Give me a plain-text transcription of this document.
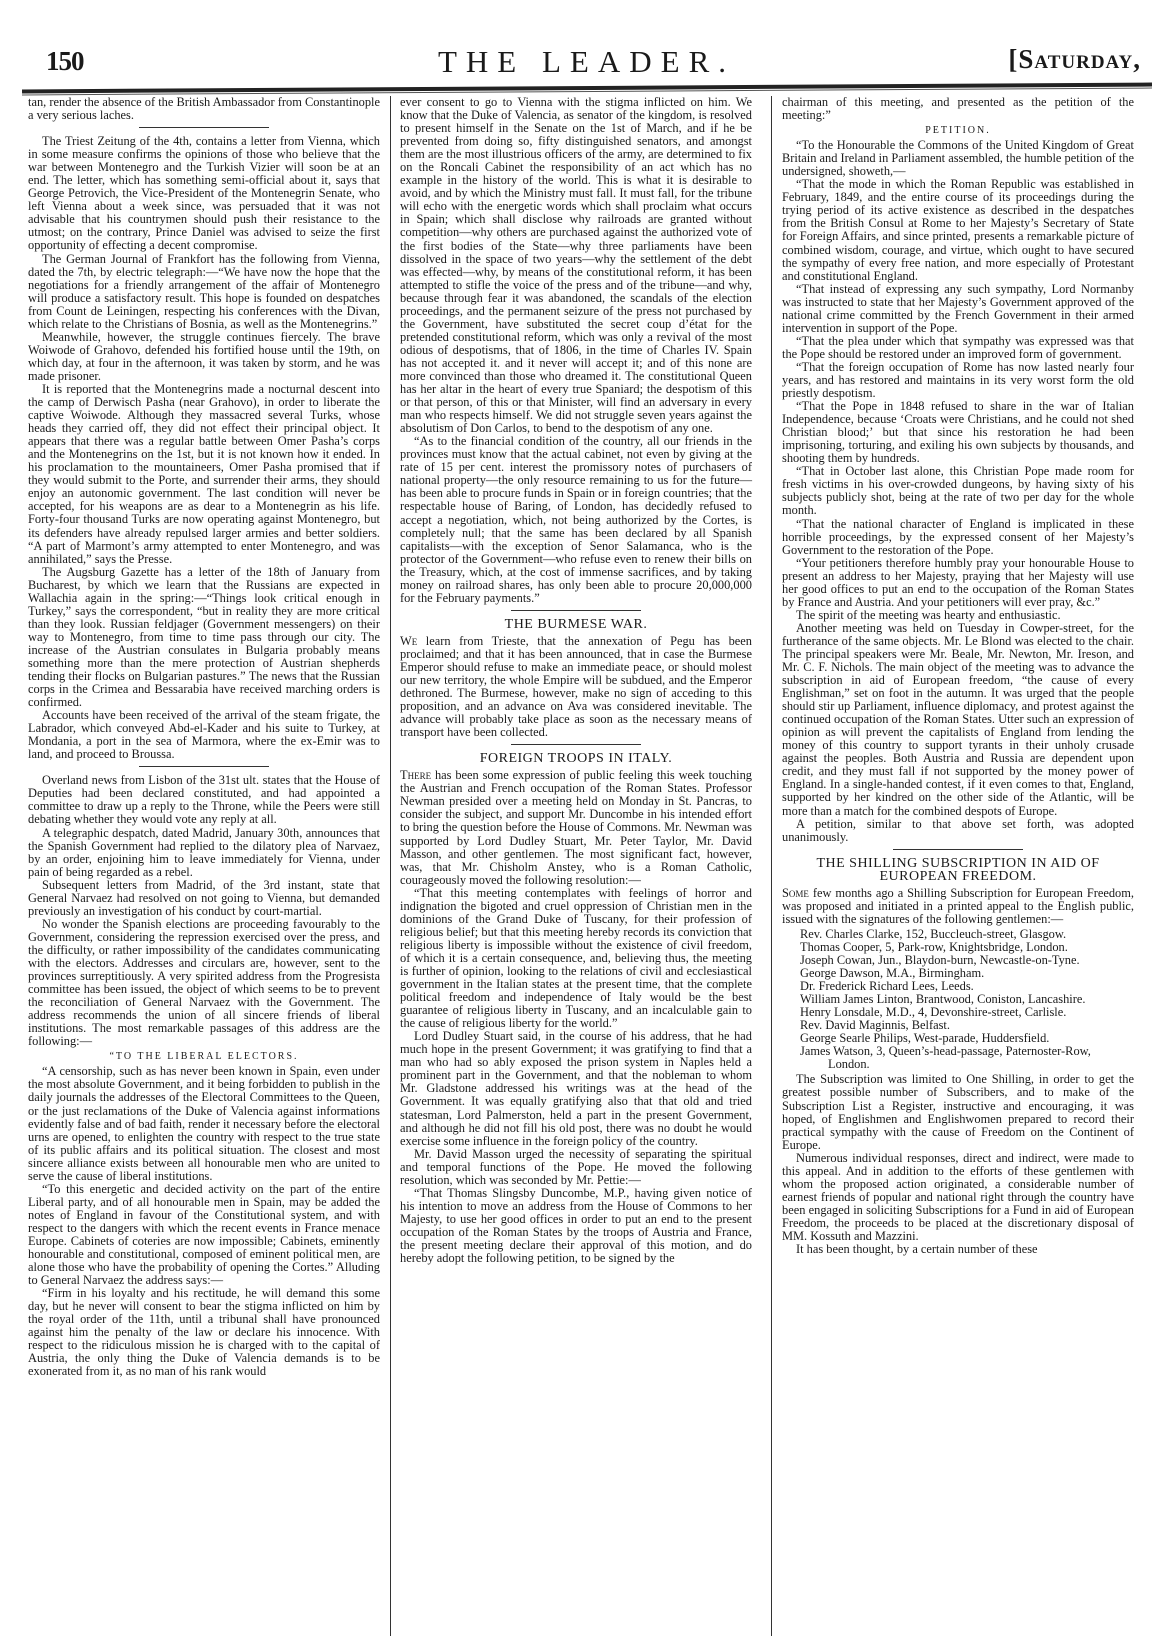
150	THE LEADER.	[Saturday,

tan, render the absence of the British Ambassador from Constantinople a very serious laches.

The Triest Zeitung of the 4th, contains a letter from Vienna, which in some measure confirms the opinions of those who believe that the war between Montenegro and the Turkish Vizier will soon be at an end. The letter, which has something semi-official about it, says that George Petrovich, the Vice-President of the Montenegrin Senate, who left Vienna about a week since, was persuaded that it was not advisable that his countrymen should push their resistance to the utmost; on the contrary, Prince Daniel was advised to seize the first opportunity of effecting a decent compromise.

The German Journal of Frankfort has the following from Vienna, dated the 7th, by electric telegraph:—“We have now the hope that the negotiations for a friendly arrangement of the affair of Montenegro will produce a satisfactory result. This hope is founded on despatches from Count de Leiningen, respecting his conferences with the Divan, which relate to the Christians of Bosnia, as well as the Montenegrins.”

Meanwhile, however, the struggle continues fiercely. The brave Woiwode of Grahovo, defended his fortified house until the 19th, on which day, at four in the afternoon, it was taken by storm, and he was made prisoner.

It is reported that the Montenegrins made a nocturnal descent into the camp of Derwisch Pasha (near Grahovo), in order to liberate the captive Woiwode. Although they massacred several Turks, whose heads they carried off, they did not effect their principal object. It appears that there was a regular battle between Omer Pasha’s corps and the Montenegrins on the 1st, but it is not known how it ended. In his proclamation to the mountaineers, Omer Pasha promised that if they would submit to the Porte, and surrender their arms, they should enjoy an autonomic government. The last condition will never be accepted, for his weapons are as dear to a Montenegrin as his life. Forty-four thousand Turks are now operating against Montenegro, but its defenders have already repulsed larger armies and better soldiers. “A part of Marmont’s army attempted to enter Montenegro, and was annihilated,” says the Presse.

The Augsburg Gazette has a letter of the 18th of January from Bucharest, by which we learn that the Russians are expected in Wallachia again in the spring:—“Things look critical enough in Turkey,” says the correspondent, “but in reality they are more critical than they look. Russian feldjager (Government messengers) on their way to Montenegro, from time to time pass through our city. The increase of the Austrian consulates in Bulgaria probably means something more than the mere protection of Austrian shepherds tending their flocks on Bulgarian pastures.” The news that the Russian corps in the Crimea and Bessarabia have received marching orders is confirmed.

Accounts have been received of the arrival of the steam frigate, the Labrador, which conveyed Abd-el-Kader and his suite to Turkey, at Mondania, a port in the sea of Marmora, where the ex-Emir was to land, and proceed to Broussa.

Overland news from Lisbon of the 31st ult. states that the House of Deputies had been declared constituted, and had appointed a committee to draw up a reply to the Throne, while the Peers were still debating whether they would vote any reply at all.

A telegraphic despatch, dated Madrid, January 30th, announces that the Spanish Government had replied to the dilatory plea of Narvaez, by an order, enjoining him to leave immediately for Vienna, under pain of being regarded as a rebel.

Subsequent letters from Madrid, of the 3rd instant, state that General Narvaez had resolved on not going to Vienna, but demanded previously an investigation of his conduct by court-martial.

No wonder the Spanish elections are proceeding favourably to the Government, considering the repression exercised over the press, and the difficulty, or rather impossibility of the candidates communicating with the electors. Addresses and circulars are, however, sent to the provinces surreptitiously. A very spirited address from the Progresista committee has been issued, the object of which seems to be to prevent the reconciliation of General Narvaez with the Government. The address recommends the union of all sincere friends of liberal institutions. The most remarkable passages of this address are the following:—

“TO THE LIBERAL ELECTORS.

“A censorship, such as has never been known in Spain, even under the most absolute Government, and it being forbidden to publish in the daily journals the addresses of the Electoral Committees to the Queen, or the just reclamations of the Duke of Valencia against informations evidently false and of bad faith, render it necessary before the electoral urns are opened, to enlighten the country with respect to the true state of its public affairs and its political situation. The closest and most sincere alliance exists between all honourable men who are united to serve the cause of liberal institutions.

“To this energetic and decided activity on the part of the entire Liberal party, and of all honourable men in Spain, may be added the notes of England in favour of the Constitutional system, and with respect to the dangers with which the recent events in France menace Europe. Cabinets of coteries are now impossible; Cabinets, eminently honourable and constitutional, composed of eminent political men, are alone those who have the probability of opening the Cortes.” Alluding to General Narvaez the address says:—

“Firm in his loyalty and his rectitude, he will demand this some day, but he never will consent to bear the stigma inflicted on him by the royal order of the 11th, until a tribunal shall have pronounced against him the penalty of the law or declare his innocence. With respect to the ridiculous mission he is charged with to the capital of Austria, the only thing the Duke of Valencia demands is to be exonerated from it, as no man of his rank would

ever consent to go to Vienna with the stigma inflicted on him. We know that the Duke of Valencia, as senator of the kingdom, is resolved to present himself in the Senate on the 1st of March, and if he be prevented from doing so, fifty distinguished senators, and amongst them are the most illustrious officers of the army, are determined to fix on the Roncali Cabinet the responsibility of an act which has no example in the history of the world. This is what it is desirable to avoid, and by which the Ministry must fall. It must fall, for the tribune will echo with the energetic words which shall proclaim what occurs in Spain; which shall disclose why railroads are granted without competition—why others are purchased against the authorized vote of the first bodies of the State—why three parliaments have been dissolved in the space of two years—why the settlement of the debt was effected—why, by means of the constitutional reform, it has been attempted to stifle the voice of the press and of the tribune—and why, because through fear it was abandoned, the scandals of the election proceedings, and the permanent seizure of the press not purchased by the Government, have substituted the secret coup d’état for the pretended constitutional reform, which was only a revival of the most odious of despotisms, that of 1806, in the time of Charles IV. Spain has not accepted it. and it never will accept it; and of this none are more convinced than those who dreamed it. The constitutional Queen has her altar in the heart of every true Spaniard; the despotism of this or that person, of this or that Minister, will find an adversary in every man who respects himself. We did not struggle seven years against the absolutism of Don Carlos, to bend to the despotism of any one.

“As to the financial condition of the country, all our friends in the provinces must know that the actual cabinet, not even by giving at the rate of 15 per cent. interest the promissory notes of purchasers of national property—the only resource remaining to us for the future—has been able to procure funds in Spain or in foreign countries; that the respectable house of Baring, of London, has decidedly refused to accept a negotiation, which, not being authorized by the Cortes, is completely null; that the same has been declared by all Spanish capitalists—with the exception of Senor Salamanca, who is the protector of the Government—who refuse even to renew their bills on the Treasury, which, at the cost of immense sacrifices, and by taking money on railroad shares, has only been able to procure 20,000,000 for the February payments.”

THE BURMESE WAR.

We learn from Trieste, that the annexation of Pegu has been proclaimed; and that it has been announced, that in case the Burmese Emperor should refuse to make an immediate peace, or should molest our new territory, the whole Empire will be subdued, and the Emperor dethroned. The Burmese, however, make no sign of acceding to this proposition, and an advance on Ava was considered inevitable. The advance will probably take place as soon as the necessary means of transport have been collected.

FOREIGN TROOPS IN ITALY.

There has been some expression of public feeling this week touching the Austrian and French occupation of the Roman States. Professor Newman presided over a meeting held on Monday in St. Pancras, to consider the subject, and support Mr. Duncombe in his intended effort to bring the question before the House of Commons. Mr. Newman was supported by Lord Dudley Stuart, Mr. Peter Taylor, Mr. David Masson, and other gentlemen. The most significant fact, however, was, that Mr. Chisholm Anstey, who is a Roman Catholic, courageously moved the following resolution:—

“That this meeting contemplates with feelings of horror and indignation the bigoted and cruel oppression of Christian men in the dominions of the Grand Duke of Tuscany, for their profession of religious belief; but that this meeting hereby records its conviction that religious liberty is impossible without the existence of civil freedom, of which it is a certain consequence, and, believing thus, the meeting is further of opinion, looking to the relations of civil and ecclesiastical government in the Italian states at the present time, that the complete political freedom and independence of Italy would be the best guarantee of religious liberty in Tuscany, and an incalculable gain to the cause of religious liberty for the world.”

Lord Dudley Stuart said, in the course of his address, that he had much hope in the present Government; it was gratifying to find that a man who had so ably exposed the prison system in Naples held a prominent part in the Government, and that the nobleman to whom Mr. Gladstone addressed his writings was at the head of the Government. It was equally gratifying also that that old and tried statesman, Lord Palmerston, held a part in the present Government, and although he did not fill his old post, there was no doubt he would exercise some influence in the foreign policy of the country.

Mr. David Masson urged the necessity of separating the spiritual and temporal functions of the Pope. He moved the following resolution, which was seconded by Mr. Pettie:—

“That Thomas Slingsby Duncombe, M.P., having given notice of his intention to move an address from the House of Commons to her Majesty, to use her good offices in order to put an end to the present occupation of the Roman States by the troops of Austria and France, the present meeting declare their approval of this motion, and do hereby adopt the following petition, to be signed by the

chairman of this meeting, and presented as the petition of the meeting:”

PETITION.

“To the Honourable the Commons of the United Kingdom of Great Britain and Ireland in Parliament assembled, the humble petition of the undersigned, showeth,—

“That the mode in which the Roman Republic was established in February, 1849, and the entire course of its proceedings during the trying period of its active existence as described in the despatches from the British Consul at Rome to her Majesty’s Secretary of State for Foreign Affairs, and since printed, presents a remarkable picture of combined wisdom, courage, and virtue, which ought to have secured the sympathy of every free nation, and more especially of Protestant and constitutional England.

“That instead of expressing any such sympathy, Lord Normanby was instructed to state that her Majesty’s Government approved of the national crime committed by the French Government in their armed intervention in support of the Pope.

“That the plea under which that sympathy was expressed was that the Pope should be restored under an improved form of government.

“That the foreign occupation of Rome has now lasted nearly four years, and has restored and maintains in its very worst form the old priestly despotism.

“That the Pope in 1848 refused to share in the war of Italian Independence, because ‘Croats were Christians, and he could not shed Christian blood;’ but that since his restoration he had been imprisoning, torturing, and exiling his own subjects by thousands, and shooting them by hundreds.

“That in October last alone, this Christian Pope made room for fresh victims in his over-crowded dungeons, by having sixty of his subjects publicly shot, being at the rate of two per day for the whole month.

“That the national character of England is implicated in these horrible proceedings, by the expressed consent of her Majesty’s Government to the restoration of the Pope.

“Your petitioners therefore humbly pray your honourable House to present an address to her Majesty, praying that her Majesty will use her good offices to put an end to the occupation of the Roman States by France and Austria. And your petitioners will ever pray, &c.”

The spirit of the meeting was hearty and enthusiastic.

Another meeting was held on Tuesday in Cowper-street, for the furtherance of the same objects. Mr. Le Blond was elected to the chair. The principal speakers were Mr. Beale, Mr. Newton, Mr. Ireson, and Mr. C. F. Nichols. The main object of the meeting was to advance the subscription in aid of European freedom, “the cause of every Englishman,” set on foot in the autumn. It was urged that the people should stir up Parliament, influence diplomacy, and protest against the continued occupation of the Roman States. Utter such an expression of opinion as will prevent the capitalists of England from lending the money of this country to support tyrants in their unholy crusade against the peoples. Both Austria and Russia are dependent upon credit, and they must fall if not supported by the money power of England. In a single-handed contest, if it even comes to that, England, supported by her kindred on the other side of the Atlantic, will be more than a match for the combined despots of Europe.

A petition, similar to that above set forth, was adopted unanimously.

THE SHILLING SUBSCRIPTION IN AID OF EUROPEAN FREEDOM.

Some few months ago a Shilling Subscription for European Freedom, was proposed and initiated in a printed appeal to the English public, issued with the signatures of the following gentlemen:—

Rev. Charles Clarke, 152, Buccleuch-street, Glasgow.

Thomas Cooper, 5, Park-row, Knightsbridge, London.

Joseph Cowan, Jun., Blaydon-burn, Newcastle-on-Tyne.

George Dawson, M.A., Birmingham.

Dr. Frederick Richard Lees, Leeds.

William James Linton, Brantwood, Coniston, Lancashire.

Henry Lonsdale, M.D., 4, Devonshire-street, Carlisle.

Rev. David Maginnis, Belfast.

George Searle Philips, West-parade, Huddersfield.

James Watson, 3, Queen’s-head-passage, Paternoster-Row, London.

The Subscription was limited to One Shilling, in order to get the greatest possible number of Subscribers, and to make of the Subscription List a Register, instructive and encouraging, it was hoped, of Englishmen and Englishwomen prepared to record their practical sympathy with the cause of Freedom on the Continent of Europe.

Numerous individual responses, direct and indirect, were made to this appeal. And in addition to the efforts of these gentlemen with whom the proposed action originated, a considerable number of earnest friends of popular and national right through the country have been engaged in soliciting Subscriptions for a Fund in aid of European Freedom, the proceeds to be placed at the discretionary disposal of MM. Kossuth and Mazzini.

It has been thought, by a certain number of these
